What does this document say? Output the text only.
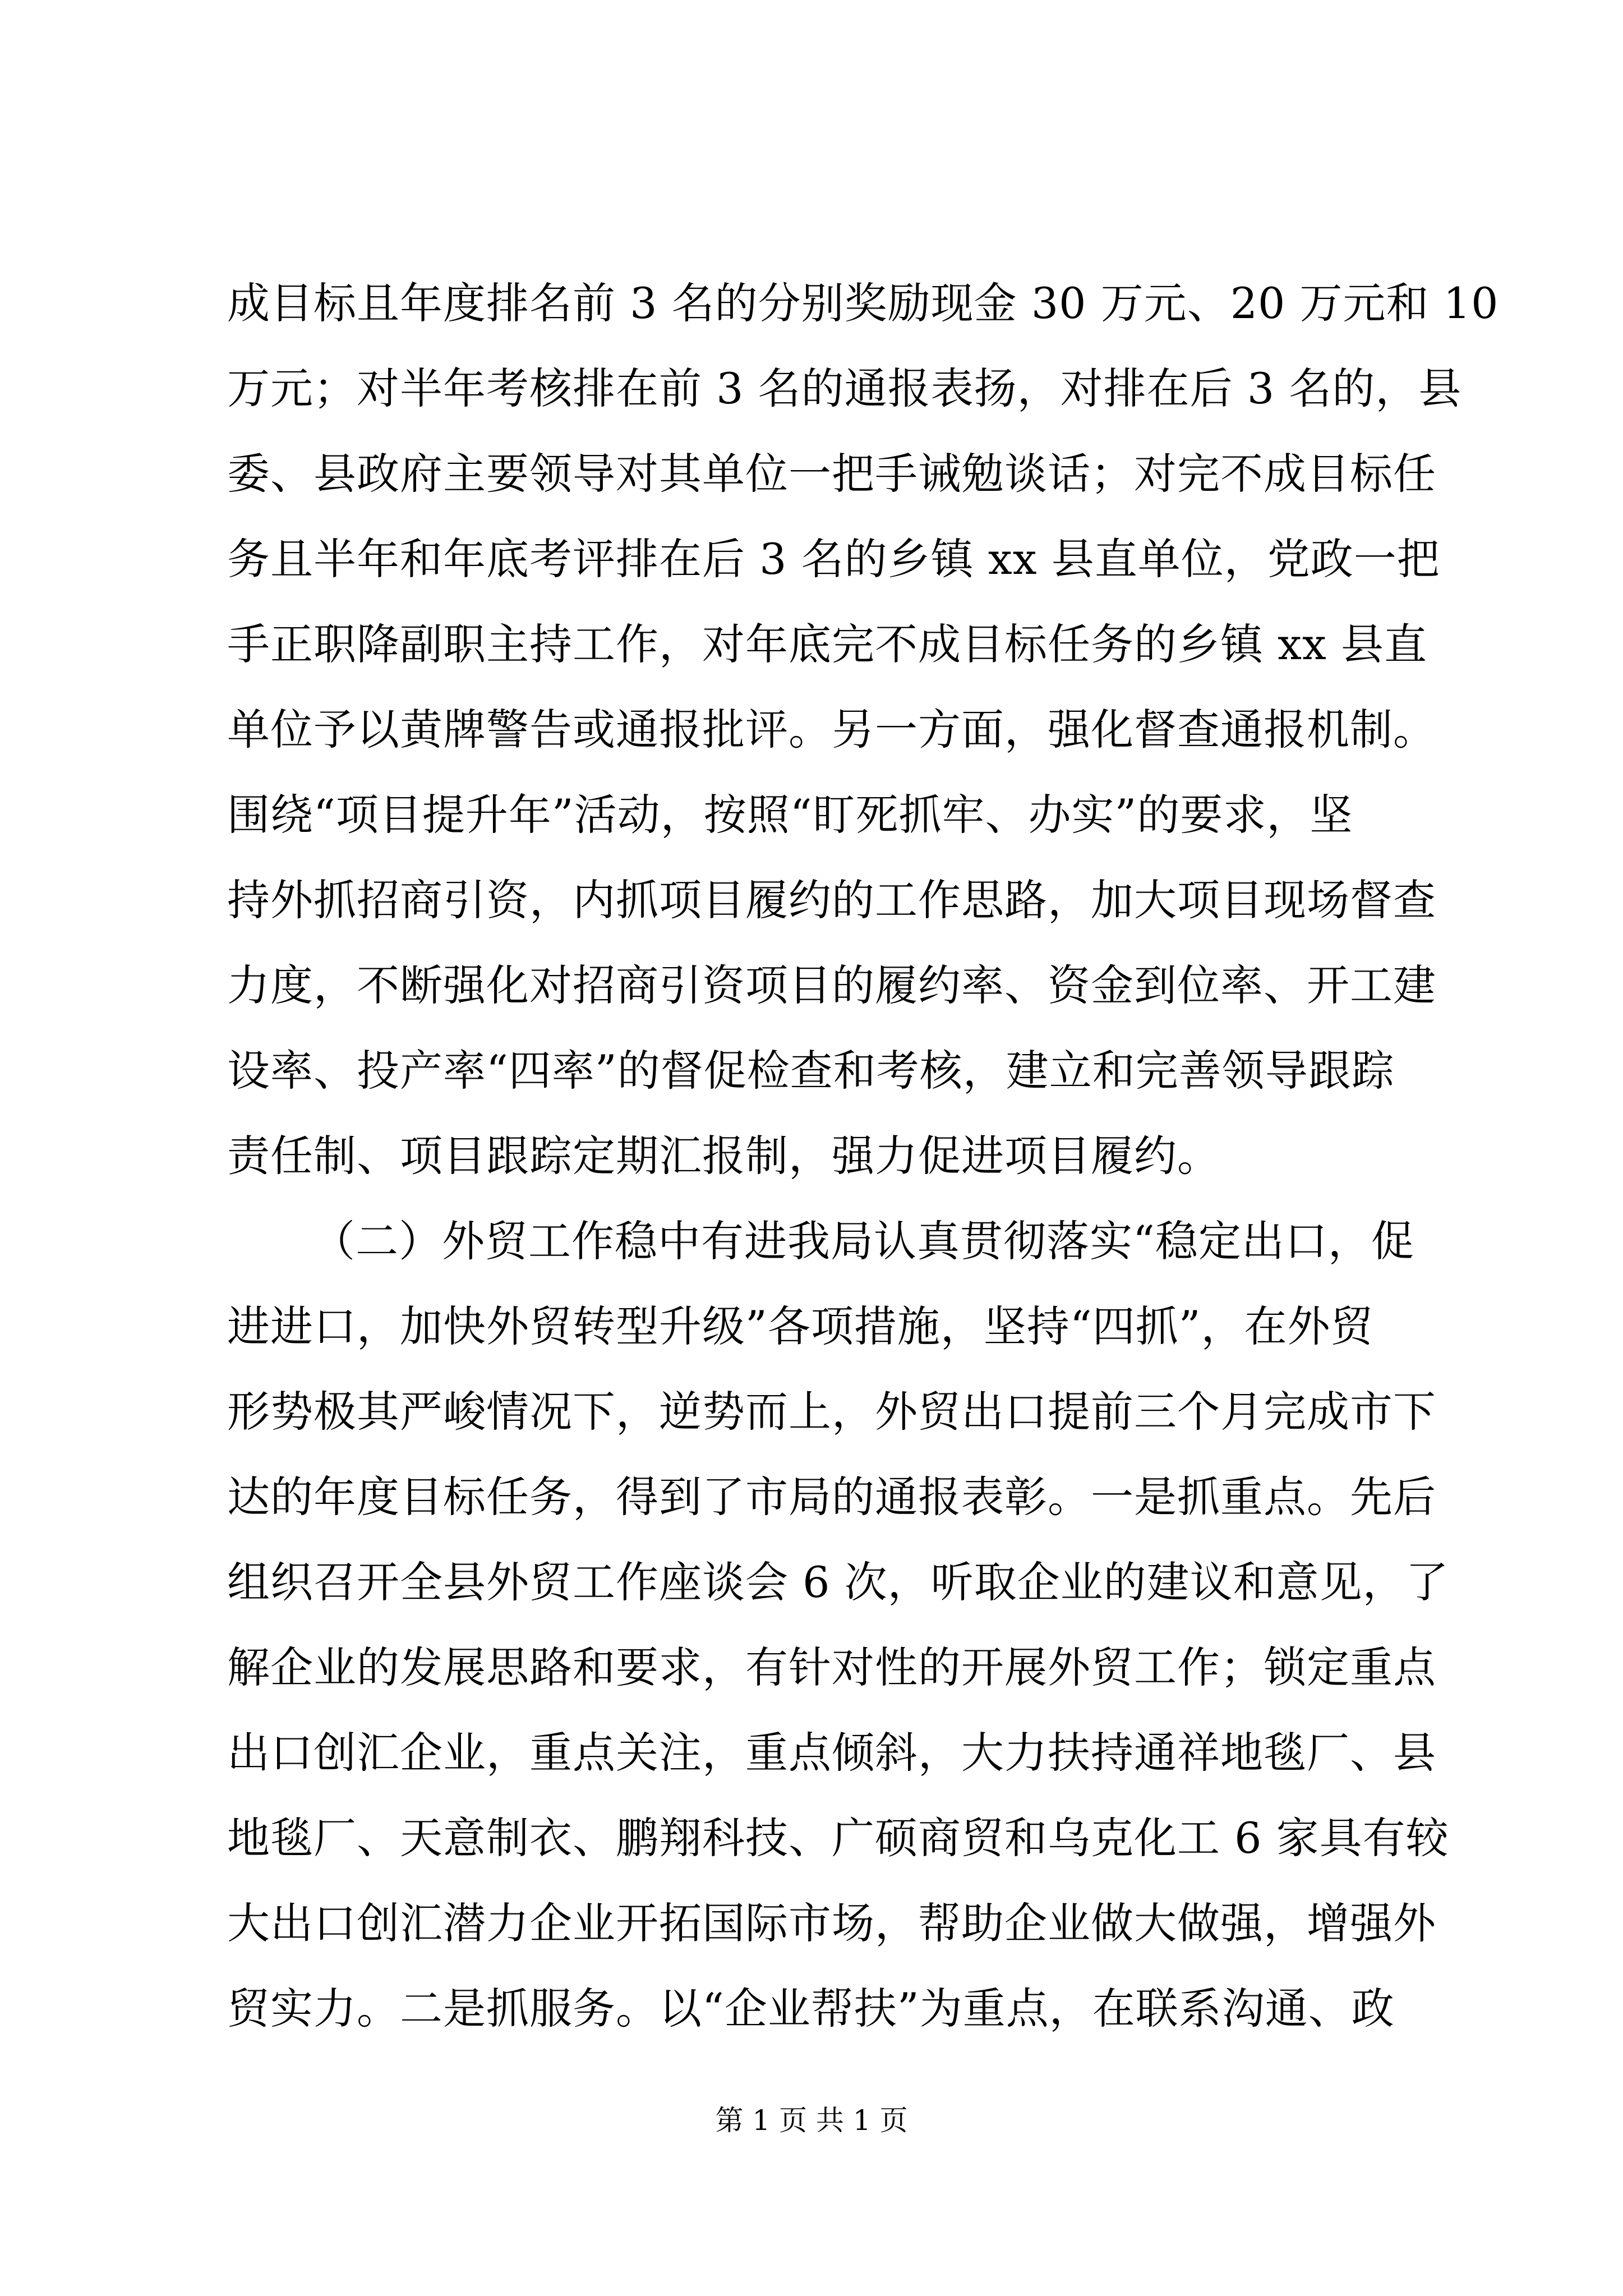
成目标且年度排名前 3 名的分别奖励现金 30 万元、20 万元和 10
万元；对半年考核排在前 3 名的通报表扬，对排在后 3 名的，县
委、县政府主要领导对其单位一把手诫勉谈话；对完不成目标任
务且半年和年底考评排在后 3 名的乡镇 xx 县直单位，党政一把
手正职降副职主持工作，对年底完不成目标任务的乡镇 xx 县直
单位予以黄牌警告或通报批评。另一方面，强化督查通报机制。
围绕“项目提升年”活动，按照“盯死抓牢、办实”的要求，坚
持外抓招商引资，内抓项目履约的工作思路，加大项目现场督查
力度，不断强化对招商引资项目的履约率、资金到位率、开工建
设率、投产率“四率”的督促检查和考核，建立和完善领导跟踪
责任制、项目跟踪定期汇报制，强力促进项目履约。
（二）外贸工作稳中有进我局认真贯彻落实“稳定出口，促
进进口，加快外贸转型升级”各项措施，坚持“四抓”，在外贸
形势极其严峻情况下，逆势而上，外贸出口提前三个月完成市下
达的年度目标任务，得到了市局的通报表彰。一是抓重点。先后
组织召开全县外贸工作座谈会 6 次，听取企业的建议和意见，了
解企业的发展思路和要求，有针对性的开展外贸工作；锁定重点
出口创汇企业，重点关注，重点倾斜，大力扶持通祥地毯厂、县
地毯厂、天意制衣、鹏翔科技、广硕商贸和乌克化工 6 家具有较
大出口创汇潜力企业开拓国际市场，帮助企业做大做强，增强外
贸实力。二是抓服务。以“企业帮扶”为重点，在联系沟通、政
第 1 页 共 1 页
